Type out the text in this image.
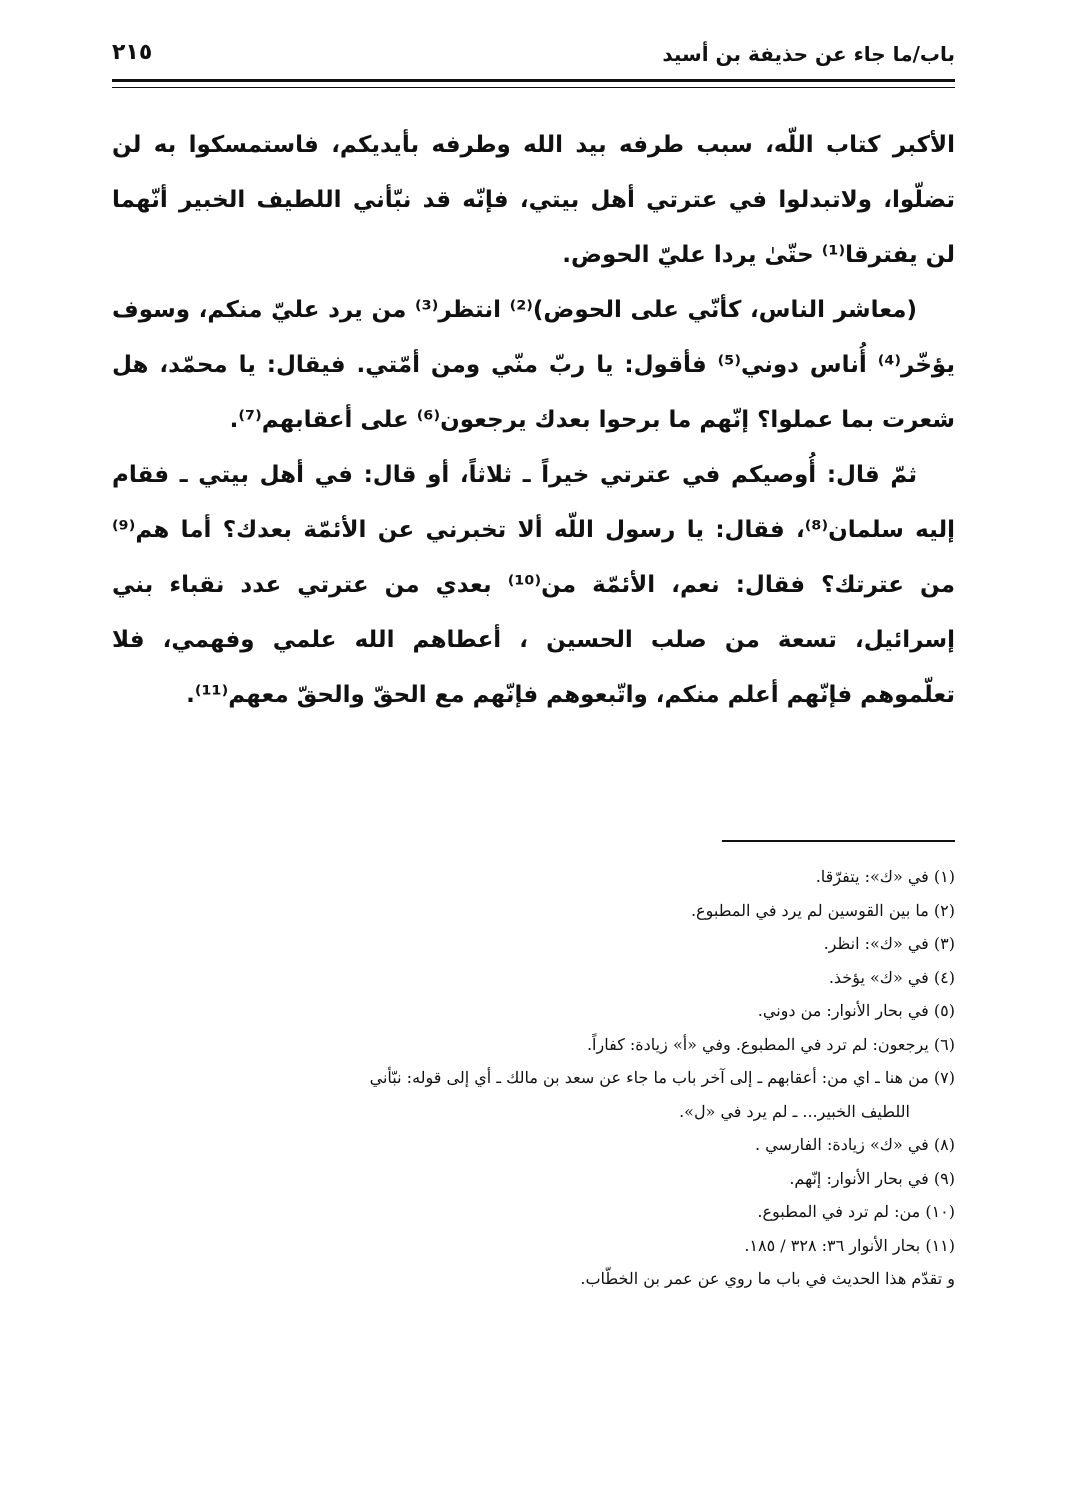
باب/ما جاء عن حذيفة بن أسيد
٢١٥

الأكبر كتاب اللّه، سبب طرفه بيد الله وطرفه بأيديكم، فاستمسكوا به لن تضلّوا، ولاتبدلوا في عترتي أهل بيتي، فإنّه قد نبّأني اللطيف الخبير أنّهما لن يفترقا⁽¹⁾ حتّىٰ يردا عليّ الحوض.

(معاشر الناس، كأنّي على الحوض)⁽²⁾ انتظر⁽³⁾ من يرد عليّ منكم، وسوف يؤخّر⁽⁴⁾ أُناس دوني⁽⁵⁾ فأقول: يا ربّ منّي ومن أمّتي. فيقال: يا محمّد، هل شعرت بما عملوا؟ إنّهم ما برحوا بعدك يرجعون⁽⁶⁾ على أعقابهم⁽⁷⁾.

ثمّ قال: أُوصيكم في عترتي خيراً ـ ثلاثاً، أو قال: في أهل بيتي ـ فقام إليه سلمان⁽⁸⁾، فقال: يا رسول اللّه ألا تخبرني عن الأئمّة بعدك؟ أما هم⁽⁹⁾ من عترتك؟ فقال: نعم، الأئمّة من⁽¹⁰⁾ بعدي من عترتي عدد نقباء بني إسرائيل، تسعة من صلب الحسين ، أعطاهم الله علمي وفهمي، فلا تعلّموهم فإنّهم أعلم منكم، واتّبعوهم فإنّهم مع الحقّ والحقّ معهم⁽¹¹⁾.

(١) في «ك»: يتفرّقا.

(٢) ما بين القوسين لم يرد في المطبوع.

(٣) في «ك»: انظر.

(٤) في «ك» يؤخذ.

(٥) في بحار الأنوار: من دوني.

(٦) يرجعون: لم ترد في المطبوع. وفي «أ» زيادة: كفاراً.

(٧) من هنا ـ اي من: أعقابهم ـ إلى آخر باب ما جاء عن سعد بن مالك ـ أي إلى قوله: نبّأني

اللطيف الخبير... ـ لم يرد في «ل».

(٨) في «ك» زيادة: الفارسي .

(٩) في بحار الأنوار: إنّهم.

(١٠) من: لم ترد في المطبوع.

(١١) بحار الأنوار ٣٦: ٣٢٨ / ١٨٥.

و تقدّم هذا الحديث في باب ما روي عن عمر بن الخطّاب.
